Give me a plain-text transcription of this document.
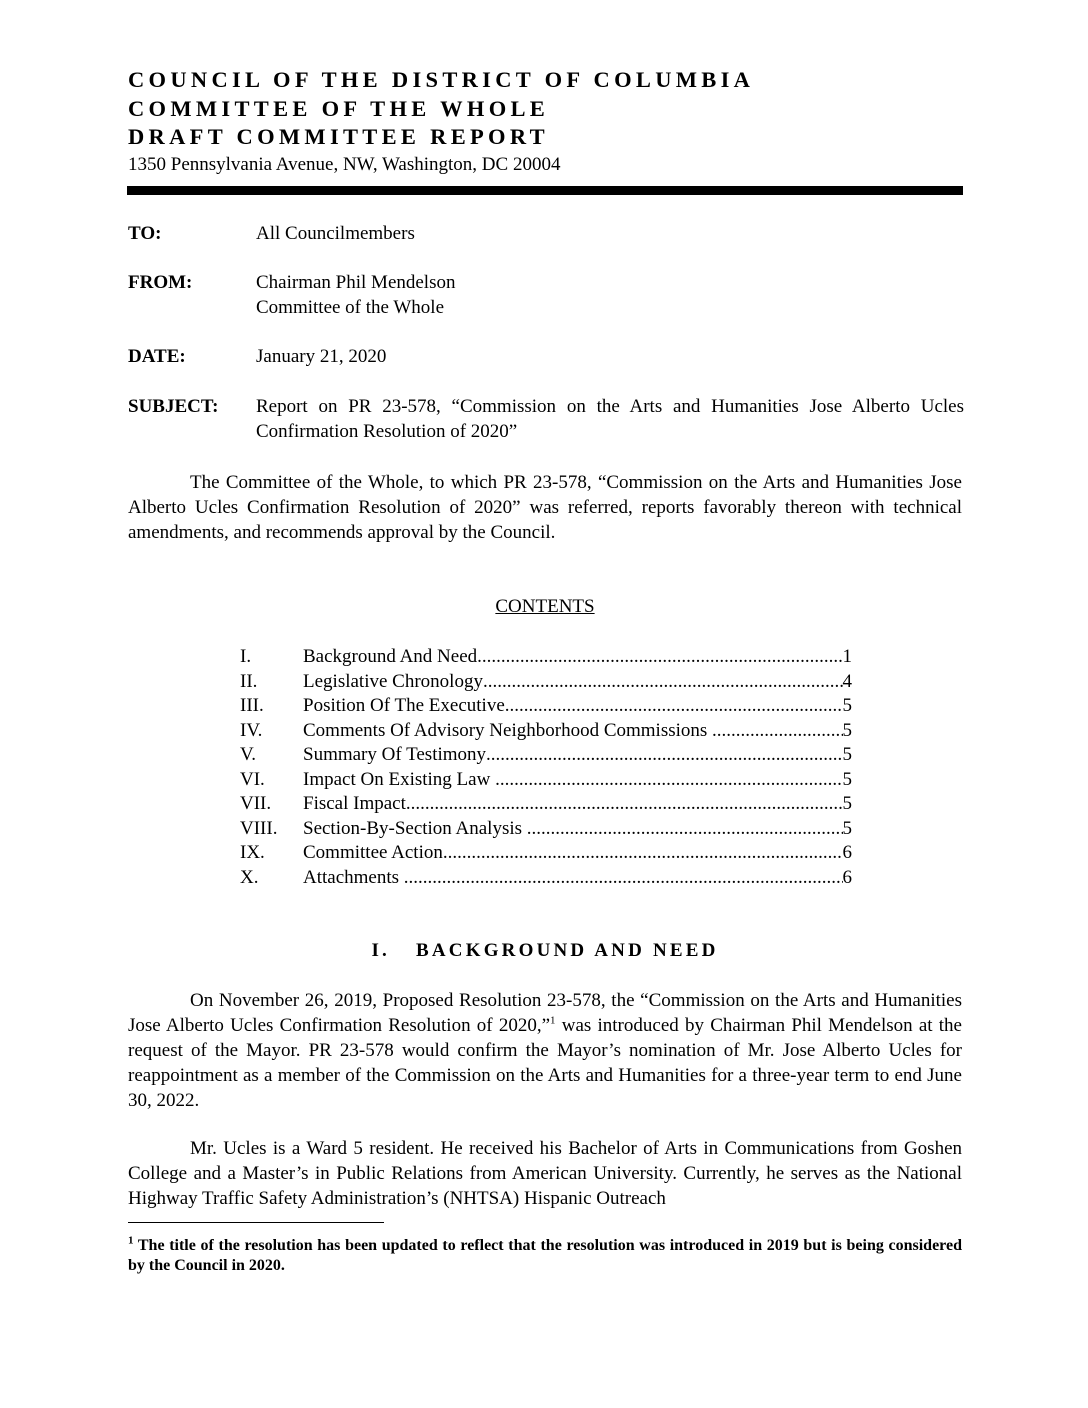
COUNCIL OF THE DISTRICT OF COLUMBIA
COMMITTEE OF THE WHOLE
DRAFT COMMITTEE REPORT
1350 Pennsylvania Avenue, NW, Washington, DC 20004
TO:	All Councilmembers
FROM:	Chairman Phil Mendelson
Committee of the Whole
DATE:	January 21, 2020
SUBJECT: Report on PR 23-578, “Commission on the Arts and Humanities Jose Alberto Ucles Confirmation Resolution of 2020”
The Committee of the Whole, to which PR 23-578, “Commission on the Arts and Humanities Jose Alberto Ucles Confirmation Resolution of 2020” was referred, reports favorably thereon with technical amendments, and recommends approval by the Council.
CONTENTS
I.	Background And Need .....	1
II.	Legislative Chronology .....	4
III.	Position Of The Executive .....	5
IV.	Comments Of Advisory Neighborhood Commissions .....	5
V.	Summary Of Testimony .....	5
VI.	Impact On Existing Law .....	5
VII.	Fiscal Impact .....	5
VIII.	Section-By-Section Analysis .....	5
IX.	Committee Action .....	6
X.	Attachments .....	6
I. BACKGROUND AND NEED
On November 26, 2019, Proposed Resolution 23-578, the “Commission on the Arts and Humanities Jose Alberto Ucles Confirmation Resolution of 2020,”$^1$ was introduced by Chairman Phil Mendelson at the request of the Mayor. PR 23-578 would confirm the Mayor’s nomination of Mr. Jose Alberto Ucles for reappointment as a member of the Commission on the Arts and Humanities for a three-year term to end June 30, 2022.
Mr. Ucles is a Ward 5 resident. He received his Bachelor of Arts in Communications from Goshen College and a Master’s in Public Relations from American University. Currently, he serves as the National Highway Traffic Safety Administration’s (NHTSA) Hispanic Outreach
$^1$ The title of the resolution has been updated to reflect that the resolution was introduced in 2019 but is being considered by the Council in 2020.
